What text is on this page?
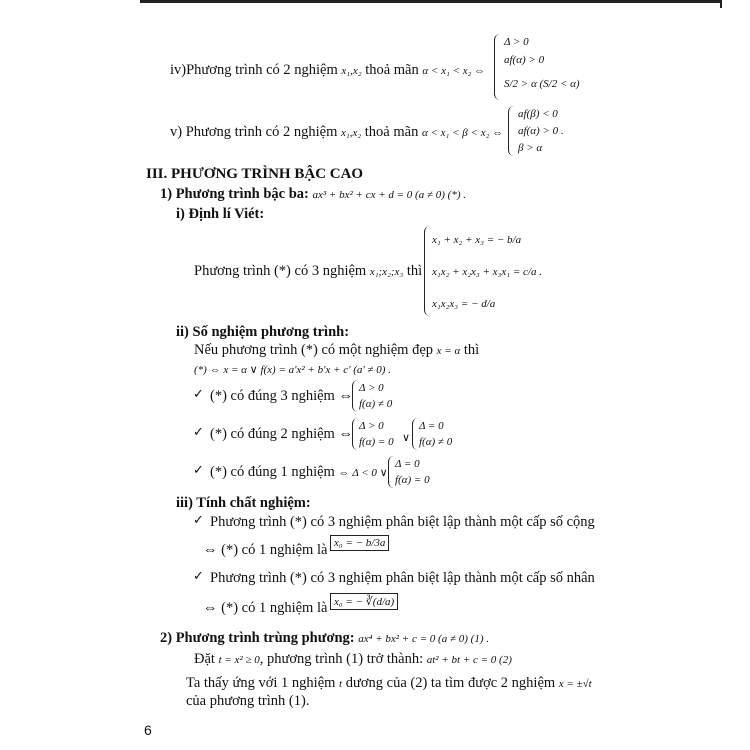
iv)Phương trình có 2 nghiệm x₁,x₂ thoả mãn α < x₁ < x₂ ⇔
Δ > 0
af(α) > 0
S/2 > α (S/2 < α)
v) Phương trình có 2 nghiệm x₁,x₂ thoả mãn α < x₁ < β < x₂ ⇔
af(β) < 0
af(α) > 0 .
β > α
III. PHƯƠNG TRÌNH BẬC CAO
1) Phương trình bậc ba: ax³ + bx² + cx + d = 0 (a ≠ 0) (*) .
i) Định lí Viét:
Phương trình (*) có 3 nghiệm x₁;x₂;x₃ thì
x₁ + x₂ + x₃ = − b/a
x₁x₂ + x₂x₃ + x₃x₁ = c/a .
x₁x₂x₃ = − d/a
ii) Số nghiệm phương trình:
Nếu phương trình (*) có một nghiệm đẹp x = α thì
(*) ⇔ x = α ∨ f(x) = a'x² + b'x + c' (a' ≠ 0) .
✓ (*) có đúng 3 nghiệm ⇔ Δ > 0
f(α) ≠ 0
✓ (*) có đúng 2 nghiệm ⇔ Δ > 0
f(α) = 0 ∨
Δ = 0
f(α) ≠ 0
✓ (*) có đúng 1 nghiệm ⇔ Δ < 0 ∨
Δ = 0
f(α) = 0
iii) Tính chất nghiệm:
✓ Phương trình (*) có 3 nghiệm phân biệt lập thành một cấp số cộng
⇔ (*) có 1 nghiệm là x₀ = − b/3a
✓ Phương trình (*) có 3 nghiệm phân biệt lập thành một cấp số nhân
⇔ (*) có 1 nghiệm là x₀ = − ∛(d/a)
2) Phương trình trùng phương: ax⁴ + bx² + c = 0 (a ≠ 0) (1) .
Đặt t = x² ≥ 0, phương trình (1) trở thành: at² + bt + c = 0 (2)
Ta thấy ứng với 1 nghiệm t dương của (2) ta tìm được 2 nghiệm x = ±√t
của phương trình (1).
6
